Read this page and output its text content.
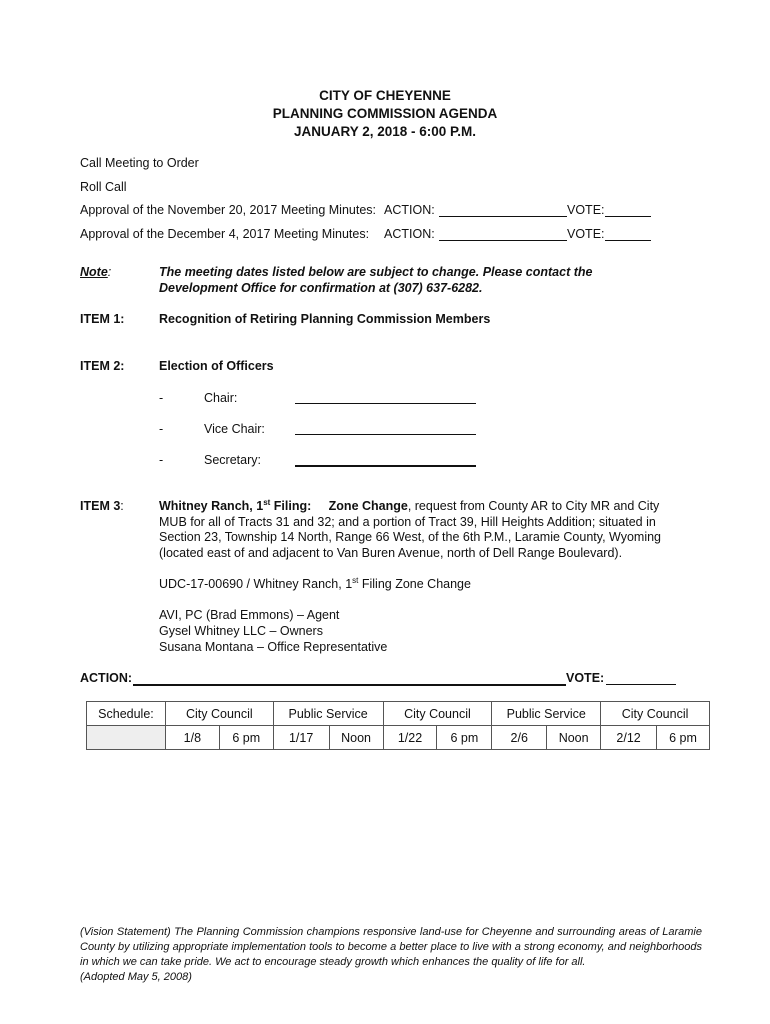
CITY OF CHEYENNE
PLANNING COMMISSION AGENDA
JANUARY 2, 2018 - 6:00 P.M.
Call Meeting to Order
Roll Call
Approval of the November 20, 2017 Meeting Minutes: ACTION:	VOTE:
Approval of the December 4, 2017 Meeting Minutes: ACTION:	VOTE:
Note:	The meeting dates listed below are subject to change. Please contact the
Development Office for confirmation at (307) 637-6282.
ITEM 1:	Recognition of Retiring Planning Commission Members
ITEM 2:	Election of Officers
-	Chair:
-	Vice Chair:
-	Secretary:
ITEM 3:	Whitney Ranch, 1st Filing: Zone Change, request from County AR to City MR and City MUB for all of Tracts 31 and 32; and a portion of Tract 39, Hill Heights Addition; situated in Section 23, Township 14 North, Range 66 West, of the 6th P.M., Laramie County, Wyoming (located east of and adjacent to Van Buren Avenue, north of Dell Range Boulevard).
UDC-17-00690 / Whitney Ranch, 1st Filing Zone Change
AVI, PC (Brad Emmons) – Agent
Gysel Whitney LLC – Owners
Susana Montana – Office Representative
ACTION:	VOTE:
Schedule:	City Council		Public Service		City Council		Public Service		City Council	
	1/8	6 pm	1/17	Noon	1/22	6 pm	2/6	Noon	2/12	6 pm
(Vision Statement) The Planning Commission champions responsive land-use for Cheyenne and surrounding areas of Laramie County by utilizing appropriate implementation tools to become a better place to live with a strong economy, and neighborhoods in which we can take pride. We act to encourage steady growth which enhances the quality of life for all.
(Adopted May 5, 2008)
